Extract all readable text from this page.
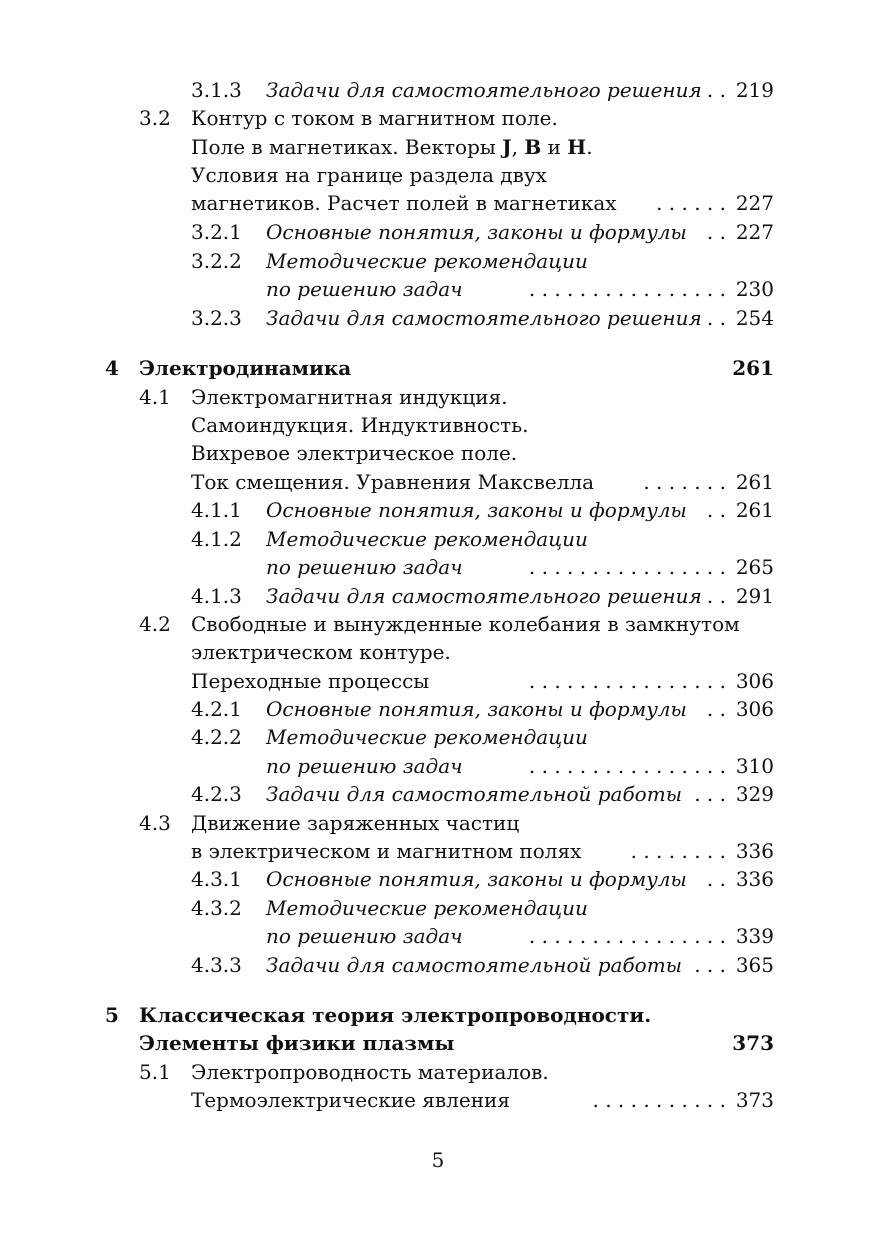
3.1.3 Задачи для самостоятельного решения . . 219
3.2 Контур с током в магнитном поле.
Поле в магнетиках. Векторы J, B и H.
Условия на границе раздела двух
магнетиков. Расчет полей в магнетиках	. . . . . . 227
3.2.1 Основные понятия, законы и формулы	. . 227
3.2.2 Методические рекомендации
по решению задач	. . . . . . . . . . . . . . . . 230
3.2.3 Задачи для самостоятельного решения . . 254
4 Электродинамика	261
4.1 Электромагнитная индукция.
Самоиндукция. Индуктивность.
Вихревое электрическое поле.
Ток смещения. Уравнения Максвелла	. . . . . . . 261
4.1.1 Основные понятия, законы и формулы	. . 261
4.1.2 Методические рекомендации
по решению задач	. . . . . . . . . . . . . . . . 265
4.1.3 Задачи для самостоятельного решения . . 291
4.2 Свободные и вынужденные колебания в замкнутом
электрическом контуре.
Переходные процессы	. . . . . . . . . . . . . . . . 306
4.2.1 Основные понятия, законы и формулы	. . 306
4.2.2 Методические рекомендации
по решению задач	. . . . . . . . . . . . . . . . 310
4.2.3 Задачи для самостоятельной работы . . . 329
4.3 Движение заряженных частиц
в электрическом и магнитном полях	. . . . . . . . 336
4.3.1 Основные понятия, законы и формулы	. . 336
4.3.2 Методические рекомендации
по решению задач	. . . . . . . . . . . . . . . . 339
4.3.3 Задачи для самостоятельной работы . . . 365
5 Классическая теория электропроводности.
Элементы физики плазмы	373
5.1 Электропроводность материалов.
Термоэлектрические явления	. . . . . . . . . . . 373
5
